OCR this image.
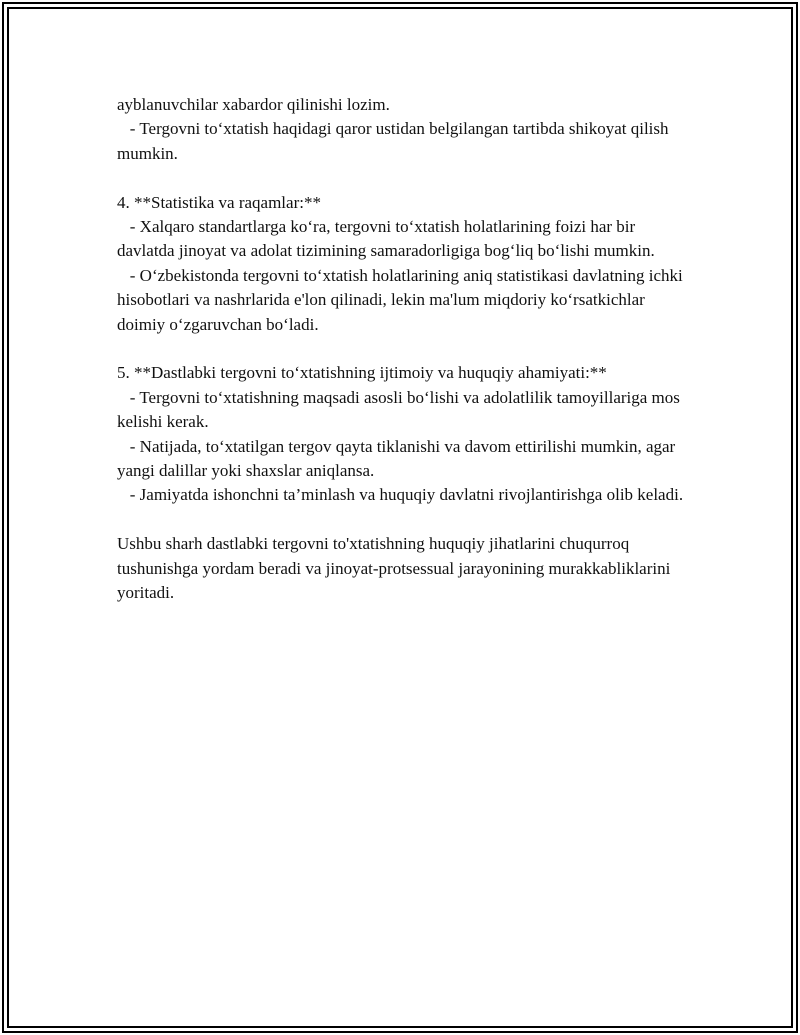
ayblanuvchilar xabardor qilinishi lozim.

- Tergovni to‘xtatish haqidagi qaror ustidan belgilangan tartibda shikoyat qilish mumkin.

4. **Statistika va raqamlar:**

- Xalqaro standartlarga ko‘ra, tergovni to‘xtatish holatlarining foizi har bir davlatda jinoyat va adolat tizimining samaradorligiga bog‘liq bo‘lishi mumkin.

- O‘zbekistonda tergovni to‘xtatish holatlarining aniq statistikasi davlatning ichki hisobotlari va nashrlarida e'lon qilinadi, lekin ma'lum miqdoriy ko‘rsatkichlar doimiy o‘zgaruvchan bo‘ladi.

5. **Dastlabki tergovni to‘xtatishning ijtimoiy va huquqiy ahamiyati:**

- Tergovni to‘xtatishning maqsadi asosli bo‘lishi va adolatlilik tamoyillariga mos kelishi kerak.

- Natijada, to‘xtatilgan tergov qayta tiklanishi va davom ettirilishi mumkin, agar yangi dalillar yoki shaxslar aniqlansa.

- Jamiyatda ishonchni ta’minlash va huquqiy davlatni rivojlantirishga olib keladi.

Ushbu sharh dastlabki tergovni to'xtatishning huquqiy jihatlarini chuqurroq tushunishga yordam beradi va jinoyat-protsessual jarayonining murakkabliklarini yoritadi.
